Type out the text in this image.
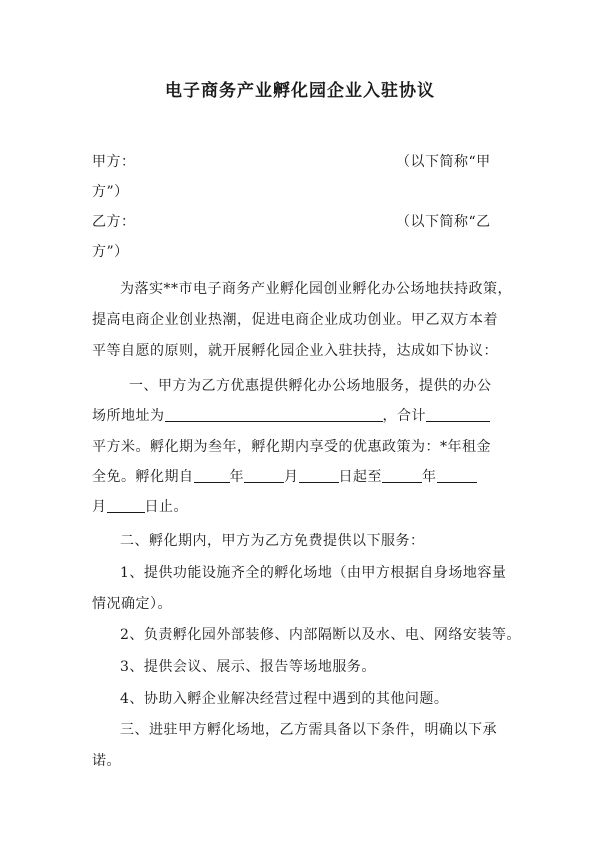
电子商务产业孵化园企业入驻协议
甲方：	（以下简称“甲
方”）
乙方：	（以下简称“乙
方”）
为落实**市电子商务产业孵化园创业孵化办公场地扶持政策，
提高电商企业创业热潮，促进电商企业成功创业。甲乙双方本着
平等自愿的原则，就开展孵化园企业入驻扶持，达成如下协议：
一、甲方为乙方优惠提供孵化办公场地服务，提供的办公
场所地址为	，合计
平方米。孵化期为叁年，孵化期内享受的优惠政策为：*年租金
全免。孵化期自	年	月	日起至	年
月	日止。
二、孵化期内，甲方为乙方免费提供以下服务：
1、提供功能设施齐全的孵化场地（由甲方根据自身场地容量
情况确定）。
2、负责孵化园外部装修、内部隔断以及水、电、网络安装等。
3、提供会议、展示、报告等场地服务。
4、协助入孵企业解决经营过程中遇到的其他问题。
三、进驻甲方孵化场地，乙方需具备以下条件，明确以下承
诺。
